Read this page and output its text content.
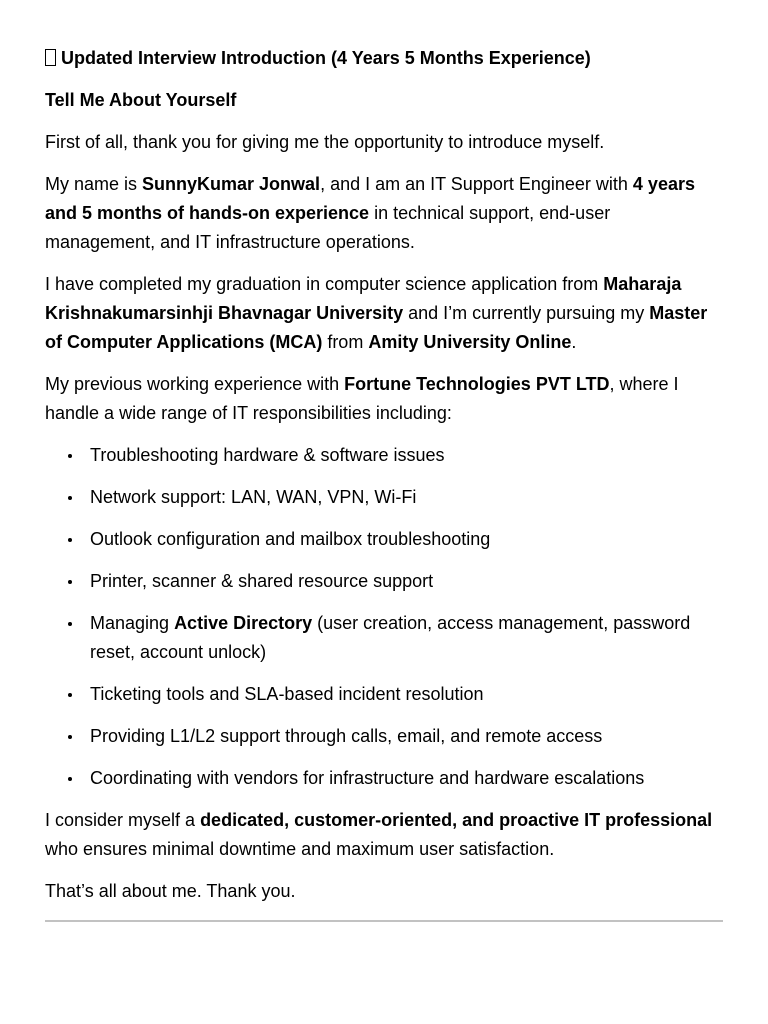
Updated Interview Introduction (4 Years 5 Months Experience)

Tell Me About Yourself

First of all, thank you for giving me the opportunity to introduce myself.

My name is SunnyKumar Jonwal, and I am an IT Support Engineer with 4 years and 5 months of hands-on experience in technical support, end-user management, and IT infrastructure operations.

I have completed my graduation in computer science application from Maharaja Krishnakumarsinhji Bhavnagar University and I’m currently pursuing my Master of Computer Applications (MCA) from Amity University Online.

My previous working experience with Fortune Technologies PVT LTD, where I handle a wide range of IT responsibilities including:

Troubleshooting hardware & software issues
Network support: LAN, WAN, VPN, Wi-Fi
Outlook configuration and mailbox troubleshooting
Printer, scanner & shared resource support
Managing Active Directory (user creation, access management, password reset, account unlock)
Ticketing tools and SLA-based incident resolution
Providing L1/L2 support through calls, email, and remote access
Coordinating with vendors for infrastructure and hardware escalations

I consider myself a dedicated, customer-oriented, and proactive IT professional who ensures minimal downtime and maximum user satisfaction.

That’s all about me. Thank you.
